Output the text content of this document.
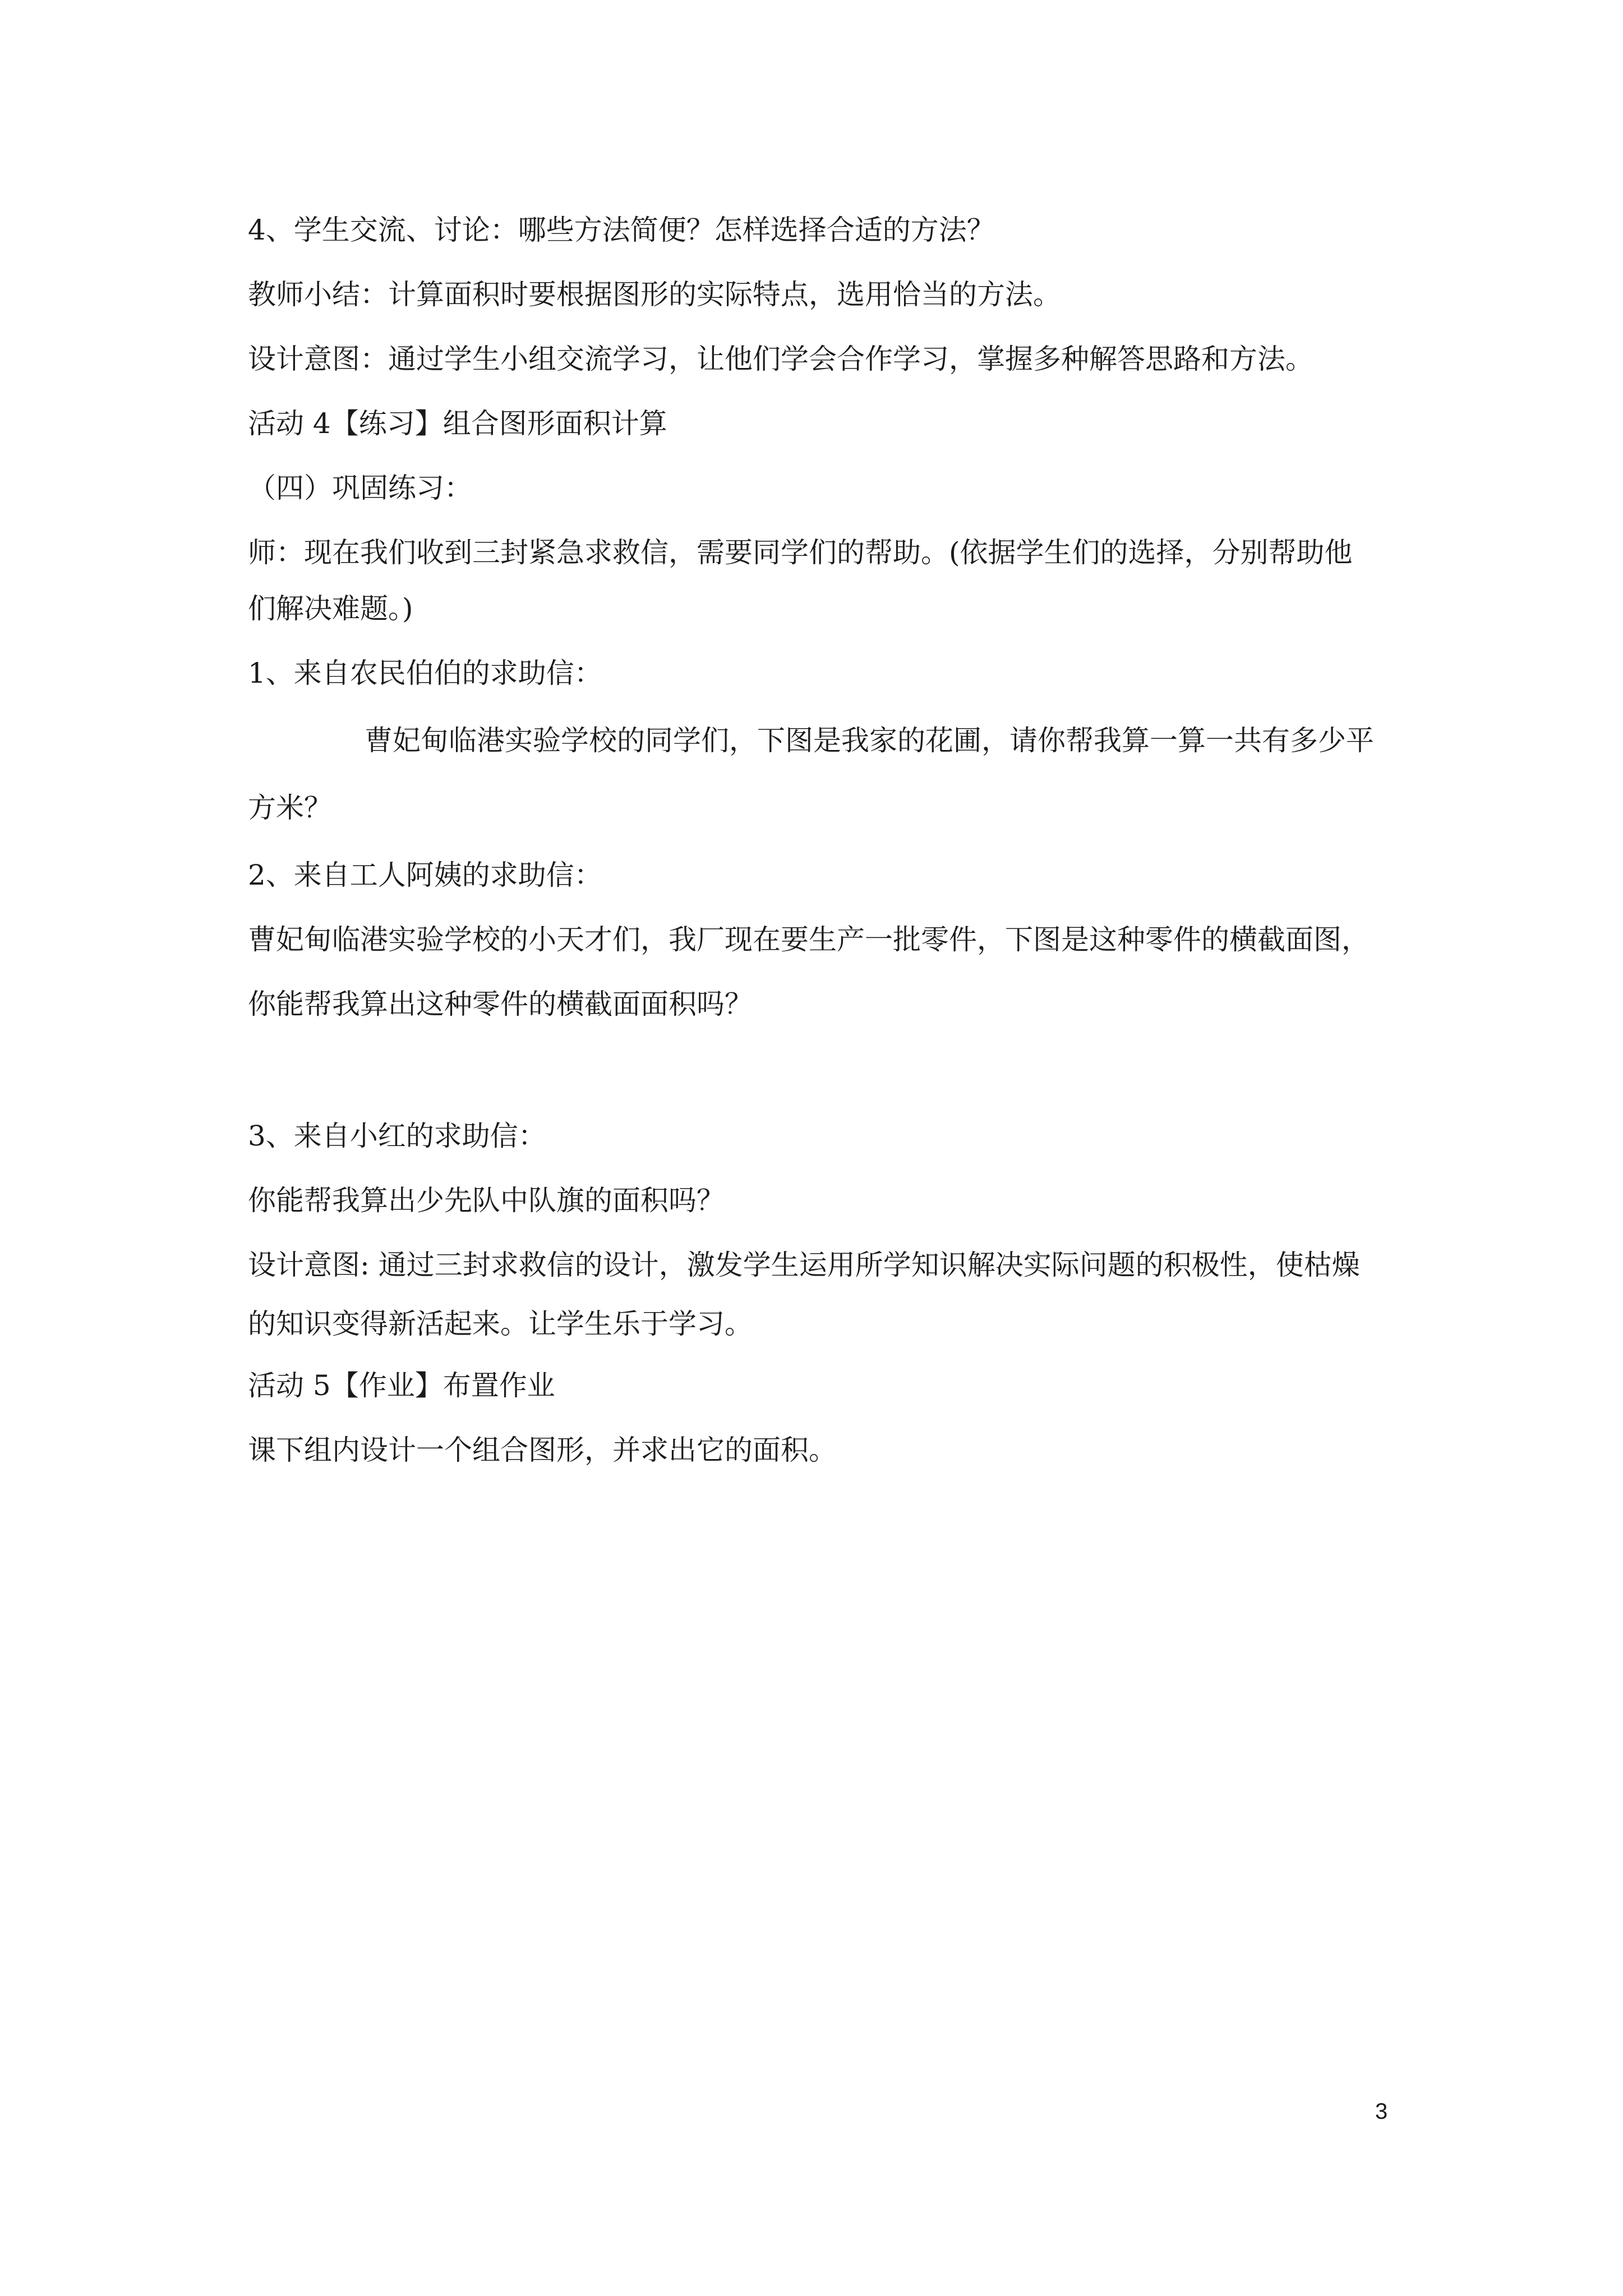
4、学生交流、讨论：哪些方法简便？怎样选择合适的方法？
教师小结：计算面积时要根据图形的实际特点，选用恰当的方法。
设计意图：通过学生小组交流学习，让他们学会合作学习，掌握多种解答思路和方法。
活动 4【练习】组合图形面积计算
（四）巩固练习：
师：现在我们收到三封紧急求救信，需要同学们的帮助。(依据学生们的选择，分别帮助他
们解决难题。)
1、来自农民伯伯的求助信：
曹妃甸临港实验学校的同学们，下图是我家的花圃，请你帮我算一算一共有多少平
方米？
2、来自工人阿姨的求助信：
曹妃甸临港实验学校的小天才们，我厂现在要生产一批零件，下图是这种零件的横截面图，
你能帮我算出这种零件的横截面面积吗？
3、来自小红的求助信：
你能帮我算出少先队中队旗的面积吗？
设计意图: 通过三封求救信的设计，激发学生运用所学知识解决实际问题的积极性，使枯燥
的知识变得新活起来。让学生乐于学习。
活动 5【作业】布置作业
课下组内设计一个组合图形，并求出它的面积。
3
